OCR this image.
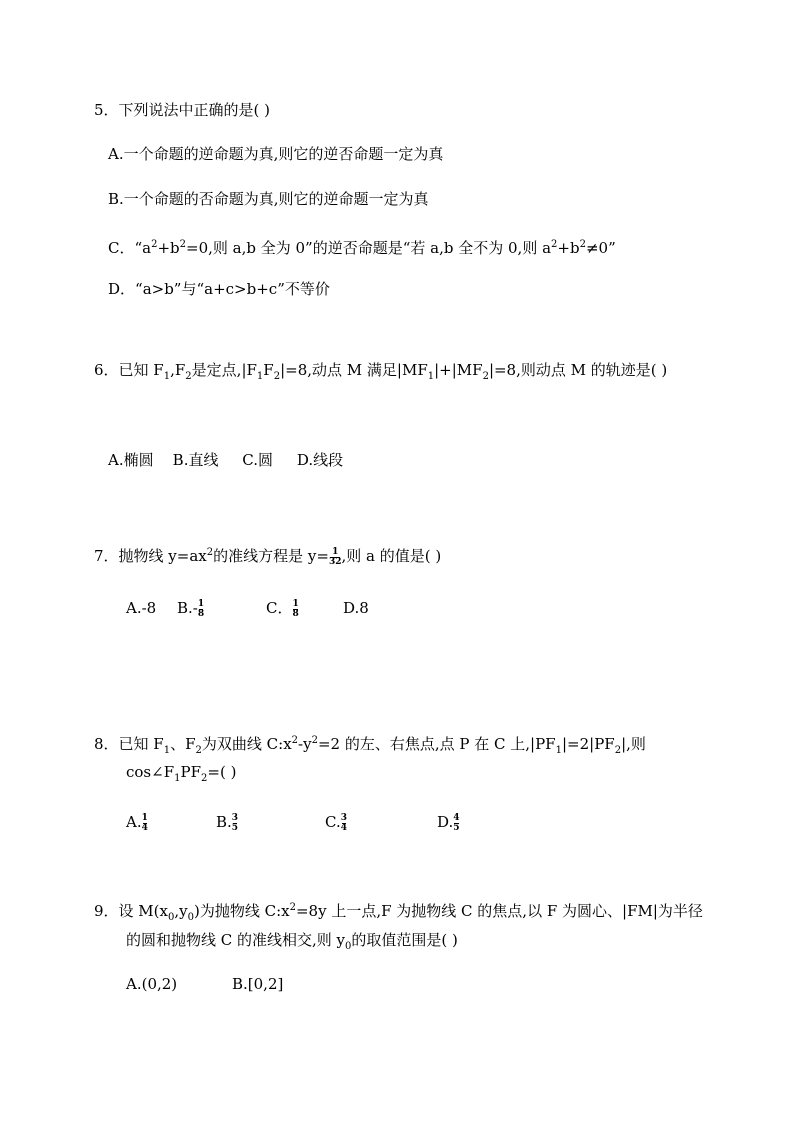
5．下列说法中正确的是( )
A.一个命题的逆命题为真,则它的逆否命题一定为真
B.一个命题的否命题为真,则它的逆命题一定为真
C．“$a^2+b^2=0$,则 a,b 全为 0”的逆否命题是“若 a,b 全不为 0,则 $a^2+b^2\ne 0$”
D．“a>b”与“a+c>b+c”不等价
6．已知 $F_1,F_2$是定点$,|F_1F_2|=8$,动点 M 满足$|MF_1|+|MF_2|=8$,则动点 M 的轨迹是( )
A.椭圆    B.直线     C.圆     D.线段
7．抛物线 $y=ax^2$的准线方程是 $y= \frac{1}{32}$ ,则 a 的值是( )
A.-8 $B.- \frac{1}{8}$	C． $\frac{1}{8}$	D.8
8．已知 $F_1$、$F_2$为双曲线 $C:x^2-y^2=2$ 的左、右焦点,点 P 在 C 上$,|PF_1|=2|PF_2|$,则
$\cos\angle F_1PF_2=$( )
A. $\frac{1}{4}$	B. $\frac{3}{5}$	C. $\frac{3}{4}$	D. $\frac{4}{5}$
9．设 $M(x_0,y_0)$为抛物线 $C:x^2=8y$ 上一点,F 为抛物线 C 的焦点,以 F 为圆心、|FM|为半径
的圆和抛物线 C 的准线相交,则 $y_0$的取值范围是( )
A.(0,2)	B.[0,2]
